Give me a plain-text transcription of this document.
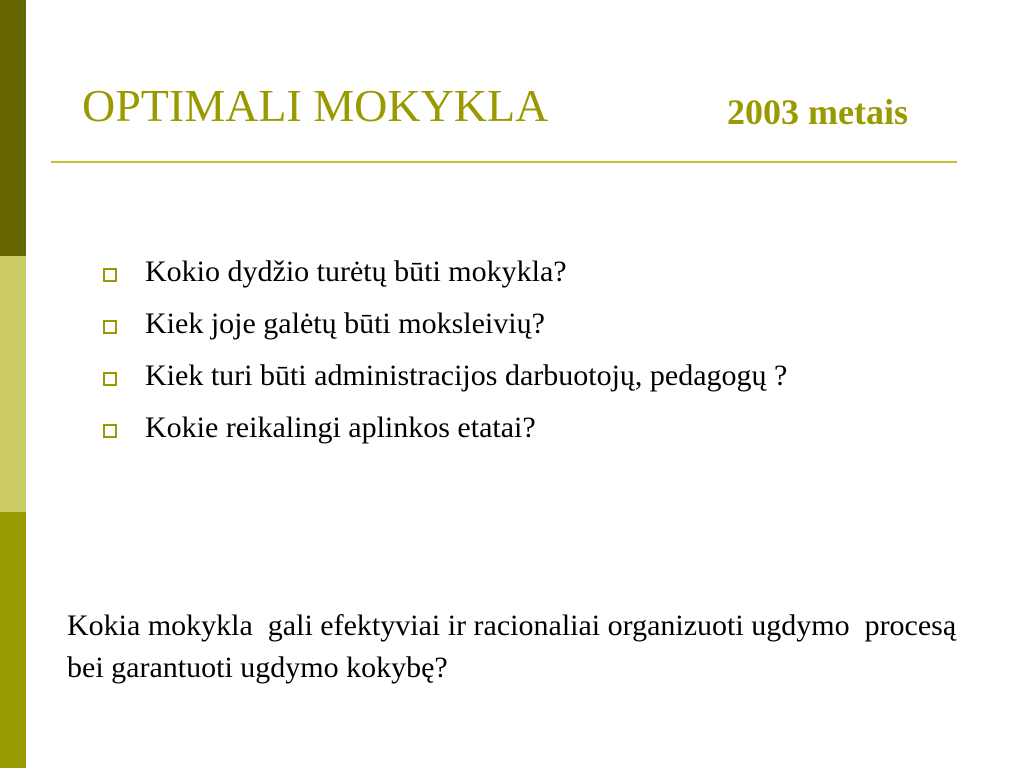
OPTIMALI MOKYKLA	2003 metais
Kokio dydžio turėtų būti mokykla?
Kiek joje galėtų būti moksleivių?
Kiek turi būti administracijos darbuotojų, pedagogų ?
Kokie reikalingi aplinkos etatai?

Kokia mokykla  gali efektyviai ir racionaliai organizuoti ugdymo  procesą  bei garantuoti ugdymo kokybę?
